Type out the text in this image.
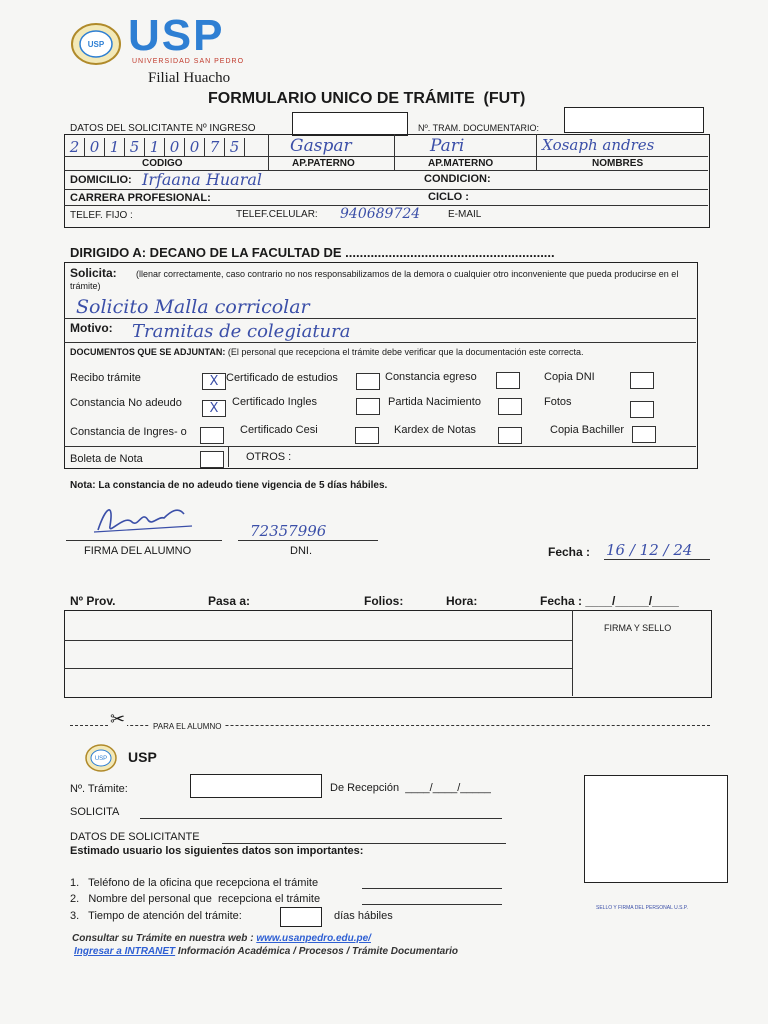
USP USP
UNIVERSIDAD SAN PEDRO
Filial Huacho
FORMULARIO UNICO DE TRÁMITE  (FUT)
DATOS DEL SOLICITANTE Nº INGRESO	Nº. TRAM. DOCUMENTARIO:
2 0 1 5 1 0 0 7 5	Gaspar	Pari	Xosaph andres
CODIGO	AP.PATERNO	AP.MATERNO	NOMBRES
DOMICILIO: Irfaana Huaral	CONDICION:
CARRERA PROFESIONAL:	CICLO :
TELEF. FIJO :	TELEF.CELULAR: 940689724	E-MAIL
DIRIGIDO A: DECANO DE LA FACULTAD DE ..........................................................
Solicita:	(llenar correctamente, caso contrario no nos responsabilizamos de la demora o cualquier otro inconveniente que pueda producirse en el trámite)
Solicito Malla corricolar
Motivo: Tramitas de colegiatura
DOCUMENTOS QUE SE ADJUNTAN: (El personal que recepciona el trámite debe verificar que la documentación este correcta.
Recibo trámite	X Certificado de estudios	Constancia egreso	Copia DNI
Constancia No adeudo	X	Certificado Ingles	Partida Nacimiento	Fotos
Constancia de Ingres- o	Certificado Cesi	Kardex de Notas	Copia Bachiller
Boleta de Nota	OTROS :
Nota: La constancia de no adeudo tiene vigencia de 5 días hábiles.
FIRMA DEL ALUMNO
72357996
DNI.	Fecha : 16 / 12 / 24
Nº Prov.	Pasa a:	Folios:	Hora:	Fecha : ____/_____/____
FIRMA Y SELLO
✂	PARA EL ALUMNO
USP USP
Nº. Trámite:	De Recepción  ____/____/_____
SOLICITA
DATOS DE SOLICITANTE
Estimado usuario los siguientes datos son importantes:
1.   Teléfono de la oficina que recepciona el trámite
2.   Nombre del personal que  recepciona el trámite
3.   Tiempo de atención del trámite:	días hábiles
SELLO Y FIRMA DEL PERSONAL U.S.P.
Consultar su Trámite en nuestra web : www.usanpedro.edu.pe/
Ingresar a INTRANET Información Académica / Procesos / Trámite Documentario
